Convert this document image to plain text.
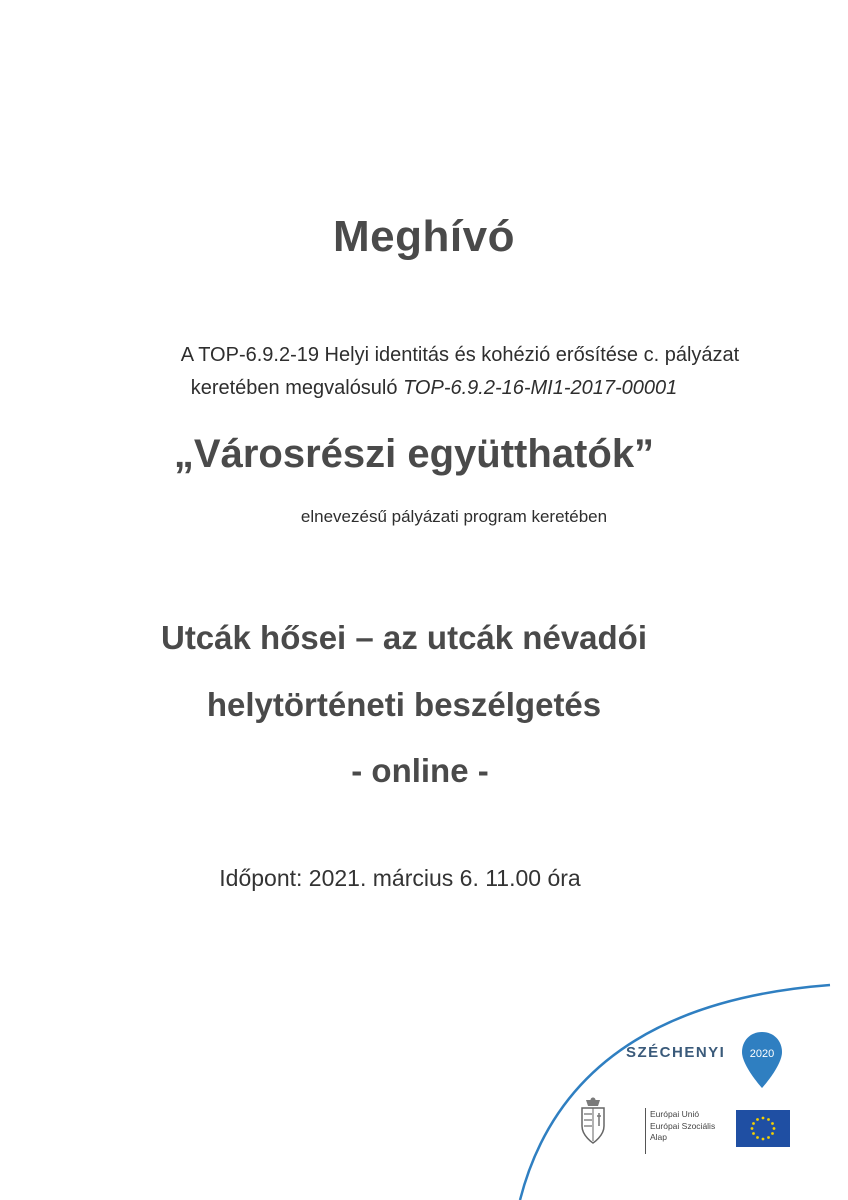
Meghívó
A TOP-6.9.2-19 Helyi identitás és kohézió erősítése c. pályázat
keretében megvalósuló TOP-6.9.2-16-MI1-2017-00001
„Városrészi együtthatók”
elnevezésű pályázati program keretében
Utcák hősei – az utcák névadói
helytörténeti beszélgetés
- online -
Időpont: 2021. március 6. 11.00 óra
SZÉCHENYI 2020
Európai Unió
Európai Szociális
Alap
